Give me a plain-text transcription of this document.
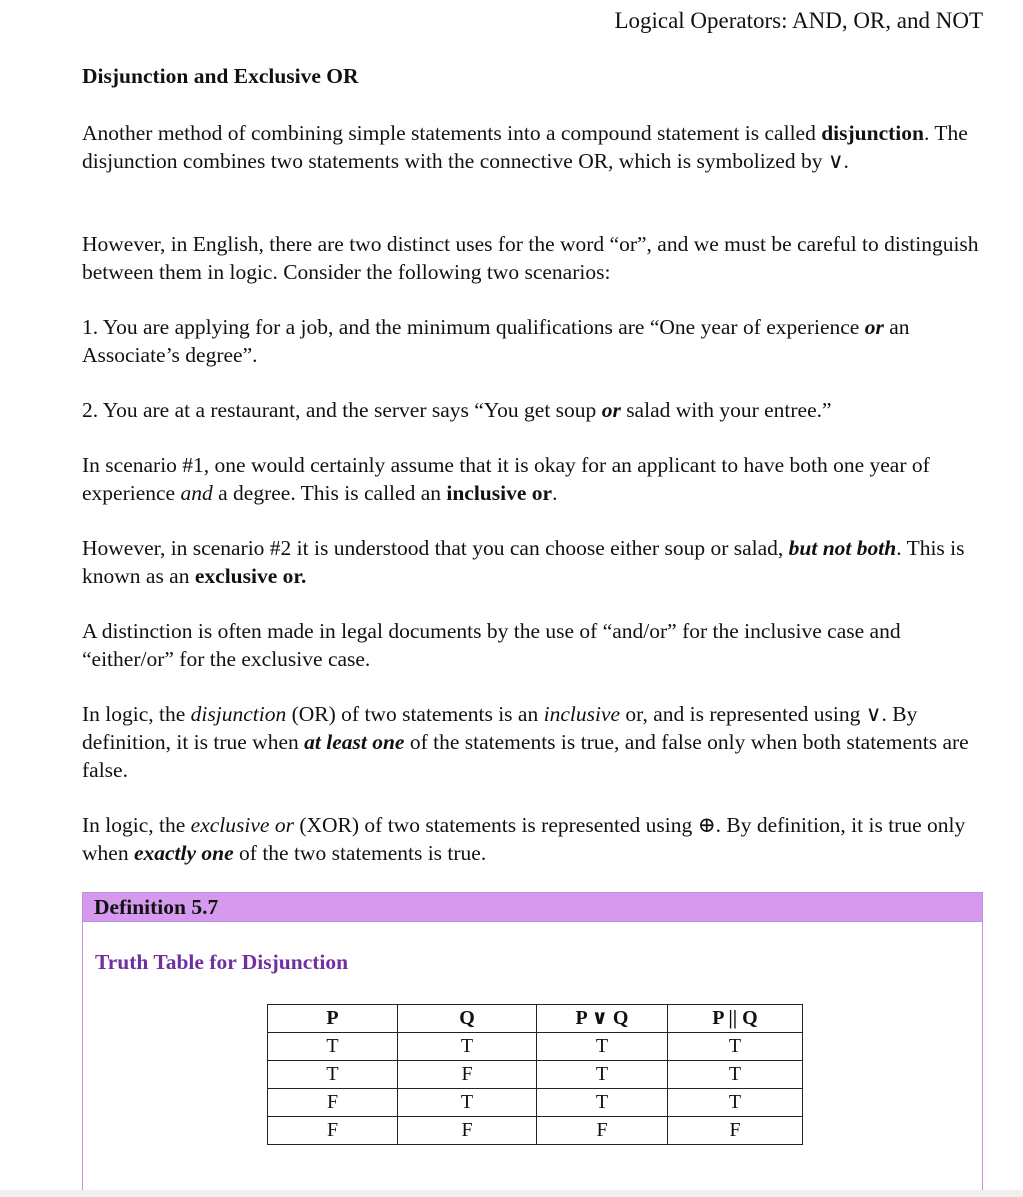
Logical Operators: AND, OR, and NOT
Disjunction and Exclusive OR

Another method of combining simple statements into a compound statement is called disjunction. The disjunction combines two statements with the connective OR, which is symbolized by ∨.

However, in English, there are two distinct uses for the word “or”, and we must be careful to distinguish between them in logic. Consider the following two scenarios:

1. You are applying for a job, and the minimum qualifications are “One year of experience or an Associate’s degree”.

2. You are at a restaurant, and the server says “You get soup or salad with your entree.”

In scenario #1, one would certainly assume that it is okay for an applicant to have both one year of experience and a degree. This is called an inclusive or.

However, in scenario #2 it is understood that you can choose either soup or salad, but not both. This is known as an exclusive or.

A distinction is often made in legal documents by the use of “and/or” for the inclusive case and “either/or” for the exclusive case.

In logic, the disjunction (OR) of two statements is an inclusive or, and is represented using ∨. By definition, it is true when at least one of the statements is true, and false only when both statements are false.

In logic, the exclusive or (XOR) of two statements is represented using ⊕. By definition, it is true only when exactly one of the two statements is true.

Definition 5.7
Truth Table for Disjunction
P	Q	P ∨ Q	P || Q
T	T	T	T
T	F	T	T
F	T	T	T
F	F	F	F
